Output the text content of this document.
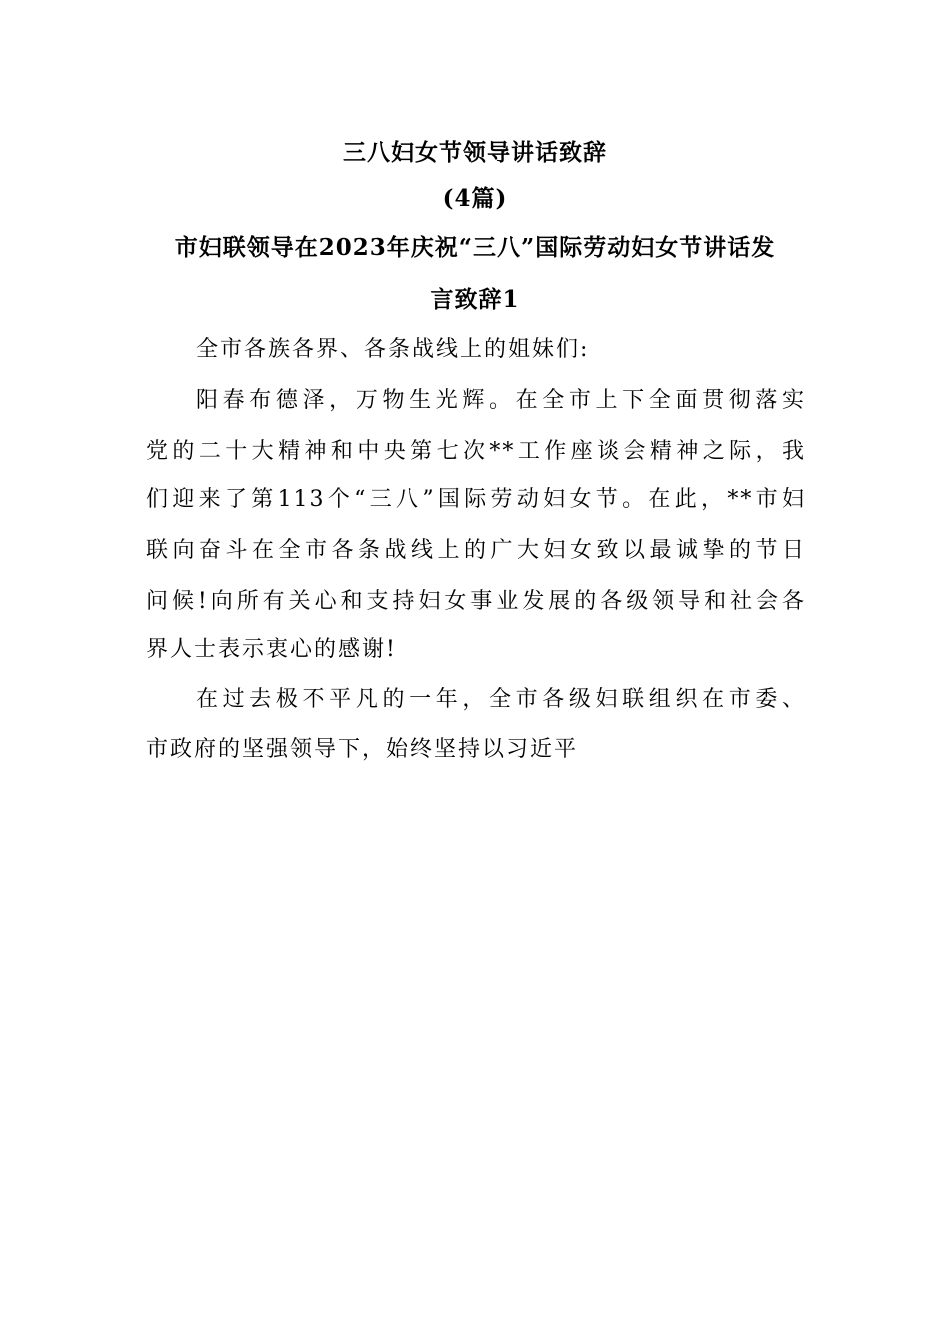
三八妇女节领导讲话致辞
(4篇)
市妇联领导在2023年庆祝“三八”国际劳动妇女节讲话发
言致辞1
全市各族各界、各条战线上的姐妹们:
阳春布德泽，万物生光辉。在全市上下全面贯彻落实
党的二十大精神和中央第七次**工作座谈会精神之际，我
们迎来了第113个“三八”国际劳动妇女节。在此，**市妇
联向奋斗在全市各条战线上的广大妇女致以最诚挚的节日
问候!向所有关心和支持妇女事业发展的各级领导和社会各
界人士表示衷心的感谢!
在过去极不平凡的一年，全市各级妇联组织在市委、
市政府的坚强领导下，始终坚持以习近平
